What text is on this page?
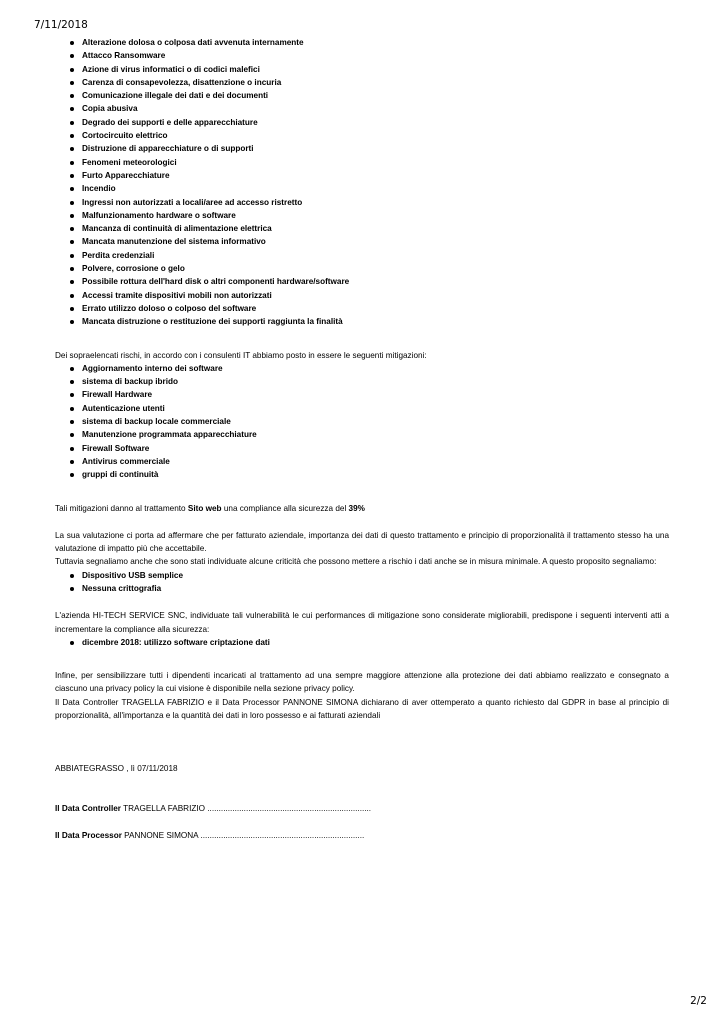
7/11/2018
Alterazione dolosa o colposa dati avvenuta internamente
Attacco Ransomware
Azione di virus informatici o di codici malefici
Carenza di consapevolezza, disattenzione o incuria
Comunicazione illegale dei dati e dei documenti
Copia abusiva
Degrado dei supporti e delle apparecchiature
Cortocircuito elettrico
Distruzione di apparecchiature o di supporti
Fenomeni meteorologici
Furto Apparecchiature
Incendio
Ingressi non autorizzati a locali/aree ad accesso ristretto
Malfunzionamento hardware o software
Mancanza di continuità di alimentazione elettrica
Mancata manutenzione del sistema informativo
Perdita credenziali
Polvere, corrosione o gelo
Possibile rottura dell'hard disk o altri componenti hardware/software
Accessi tramite dispositivi mobili non autorizzati
Errato utilizzo doloso o colposo del software
Mancata distruzione o restituzione dei supporti raggiunta la finalità

Dei sopraelencati rischi, in accordo con i consulenti IT abbiamo posto in essere le seguenti mitigazioni:

Aggiornamento interno dei software
sistema di backup ibrido
Firewall Hardware
Autenticazione utenti
sistema di backup locale commerciale
Manutenzione programmata apparecchiature
Firewall Software
Antivirus commerciale
gruppi di continuità

Tali mitigazioni danno al trattamento Sito web una compliance alla sicurezza del 39%

La sua valutazione ci porta ad affermare che per fatturato aziendale, importanza dei dati di questo trattamento e principio di proporzionalità il trattamento stesso ha una valutazione di impatto più che accettabile.

Tuttavia segnaliamo anche che sono stati individuate alcune criticità che possono mettere a rischio i dati anche se in misura minimale. A questo proposito segnaliamo:

Dispositivo USB semplice
Nessuna crittografia

L'azienda HI-TECH SERVICE SNC, individuate tali vulnerabilità le cui performances di mitigazione sono considerate migliorabili, predispone i seguenti interventi atti a incrementare la compliance alla sicurezza:

dicembre 2018: utilizzo software criptazione dati

Infine, per sensibilizzare tutti i dipendenti incaricati al trattamento ad una sempre maggiore attenzione alla protezione dei dati abbiamo realizzato e consegnato a ciascuno una privacy policy la cui visione è disponibile nella sezione privacy policy.

Il Data Controller TRAGELLA FABRIZIO e il Data Processor PANNONE SIMONA dichiarano di aver ottemperato a quanto richiesto dal GDPR in base al principio di proporzionalità, all'importanza e la quantità dei dati in loro possesso e ai fatturati aziendali

ABBIATEGRASSO , lì 07/11/2018

Il Data Controller TRAGELLA FABRIZIO ........................................................................

Il Data Processor PANNONE SIMONA ........................................................................

2/2
